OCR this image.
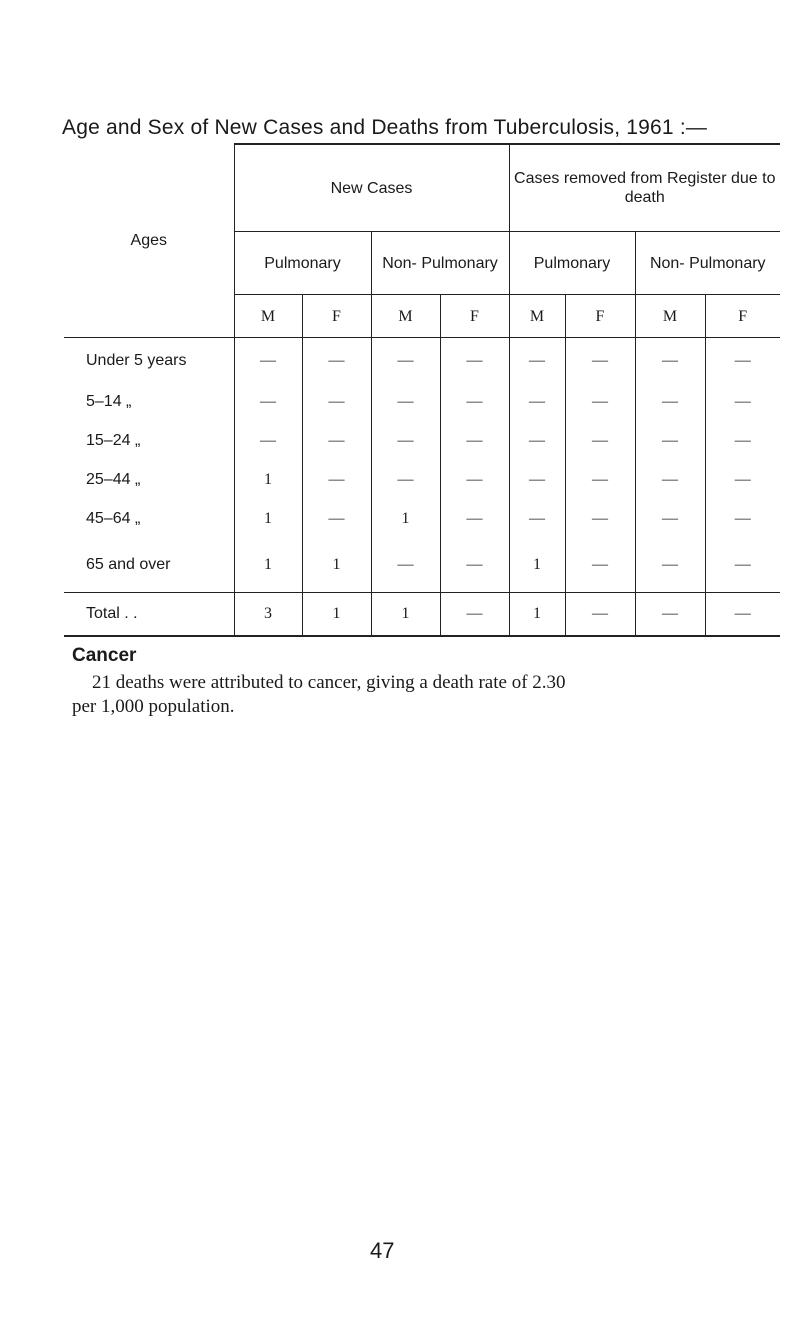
Age and Sex of New Cases and Deaths from Tuberculosis, 1961 :—
Ages	New Cases				Cases removed from Register due to death			
	Pulmonary		Non- Pulmonary		Pulmonary		Non- Pulmonary	
	M	F	M	F	M	F	M	F
Under 5 years	—	—	—	—	—	—	—	—
5–14 „	—	—	—	—	—	—	—	—
15–24 „	—	—	—	—	—	—	—	—
25–44 „	1	—	—	—	—	—	—	—
45–64 „	1	—	1	—	—	—	—	—
65 and over	1	1	—	—	1	—	—	—
Total . .	3	1	1	—	1	—	—	—
Cancer

21 deaths were attributed to cancer, giving a death rate of 2.30

per 1,000 population.

47
